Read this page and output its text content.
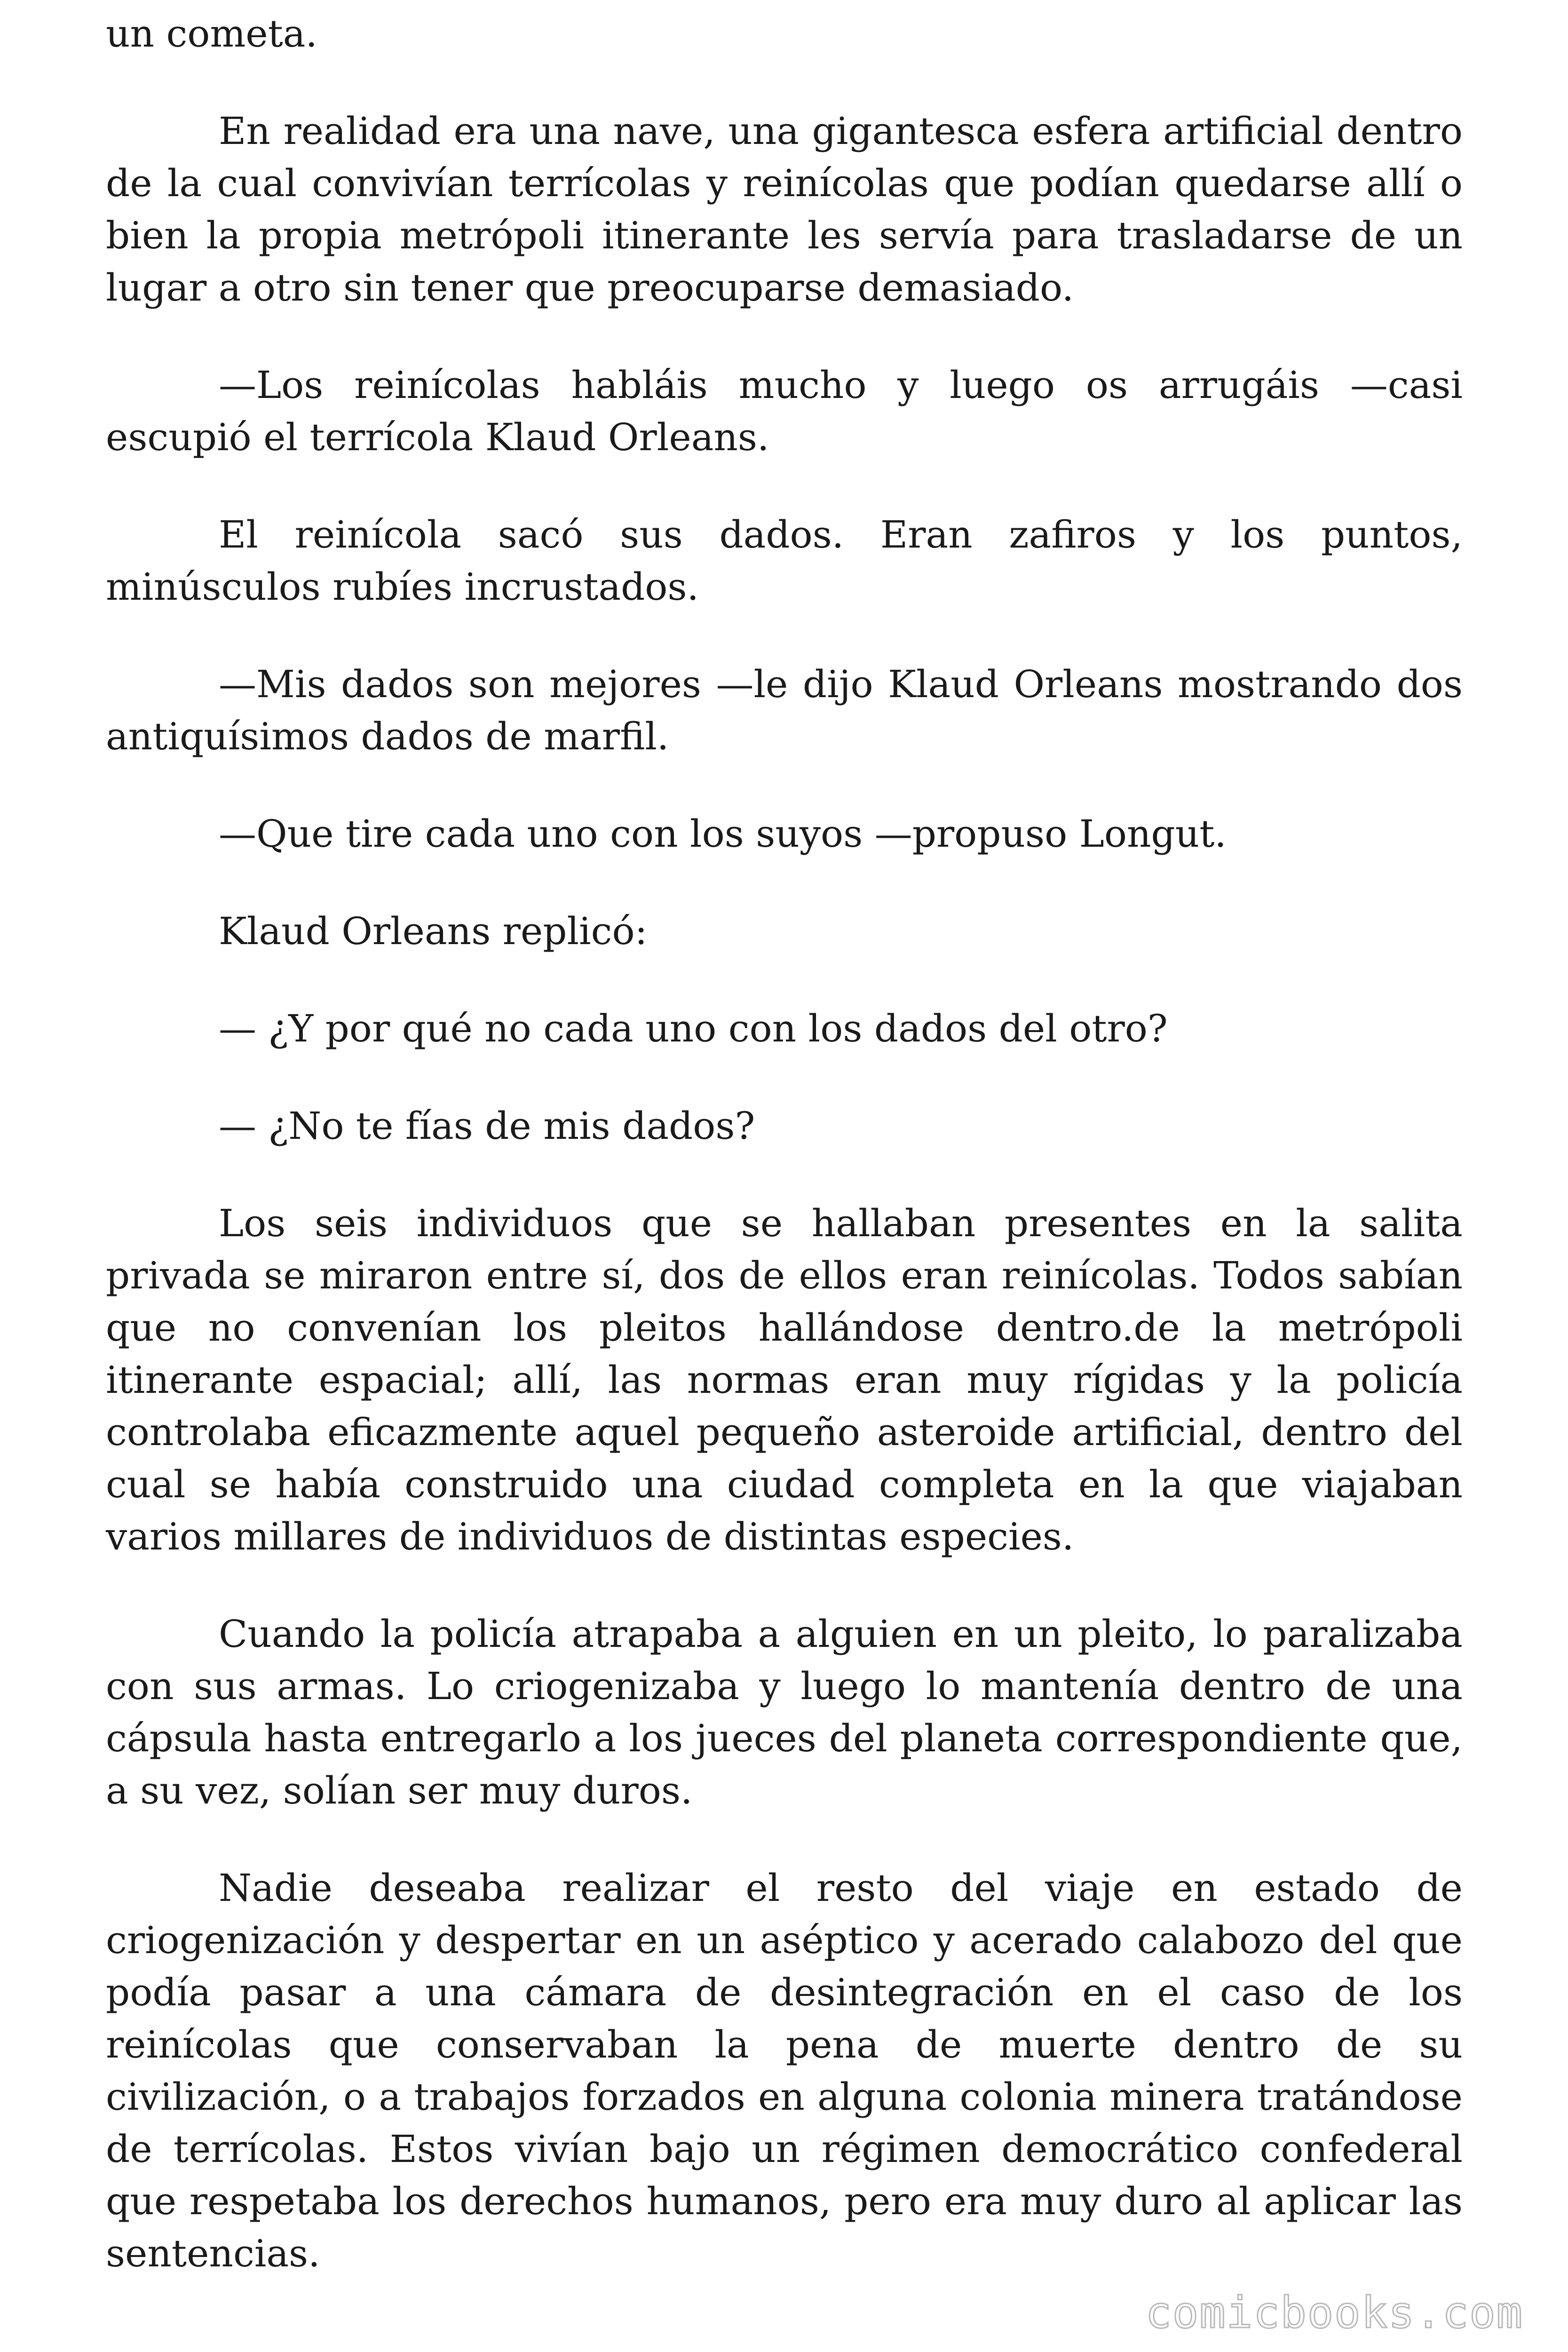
un cometa.

En realidad era una nave, una gigantesca esfera artificial dentro de la cual convivían terrícolas y reinícolas que podían quedarse allí o bien la propia metrópoli itinerante les servía para trasladarse de un lugar a otro sin tener que preocuparse demasiado.

—Los reinícolas habláis mucho y luego os arrugáis —casi escupió el terrícola Klaud Orleans.

El reinícola sacó sus dados. Eran zafiros y los puntos, minúsculos rubíes incrustados.

—Mis dados son mejores —le dijo Klaud Orleans mostrando dos antiquísimos dados de marfil.

—Que tire cada uno con los suyos —propuso Longut.

Klaud Orleans replicó:

— ¿Y por qué no cada uno con los dados del otro?

— ¿No te fías de mis dados?

Los seis individuos que se hallaban presentes en la salita privada se miraron entre sí, dos de ellos eran reinícolas. Todos sabían que no convenían los pleitos hallándose dentro.de la metrópoli itinerante espacial; allí, las normas eran muy rígidas y la policía controlaba eficazmente aquel pequeño asteroide artificial, dentro del cual se había construido una ciudad completa en la que viajaban varios millares de individuos de distintas especies.

Cuando la policía atrapaba a alguien en un pleito, lo paralizaba con sus armas. Lo criogenizaba y luego lo mantenía dentro de una cápsula hasta entregarlo a los jueces del planeta correspondiente que, a su vez, solían ser muy duros.

Nadie deseaba realizar el resto del viaje en estado de criogenización y despertar en un aséptico y acerado calabozo del que podía pasar a una cámara de desintegración en el caso de los reinícolas que conservaban la pena de muerte dentro de su civilización, o a trabajos forzados en alguna colonia minera tratándose de terrícolas. Estos vivían bajo un régimen democrático confederal que respetaba los derechos humanos, pero era muy duro al aplicar las sentencias.

comicbooks.com
